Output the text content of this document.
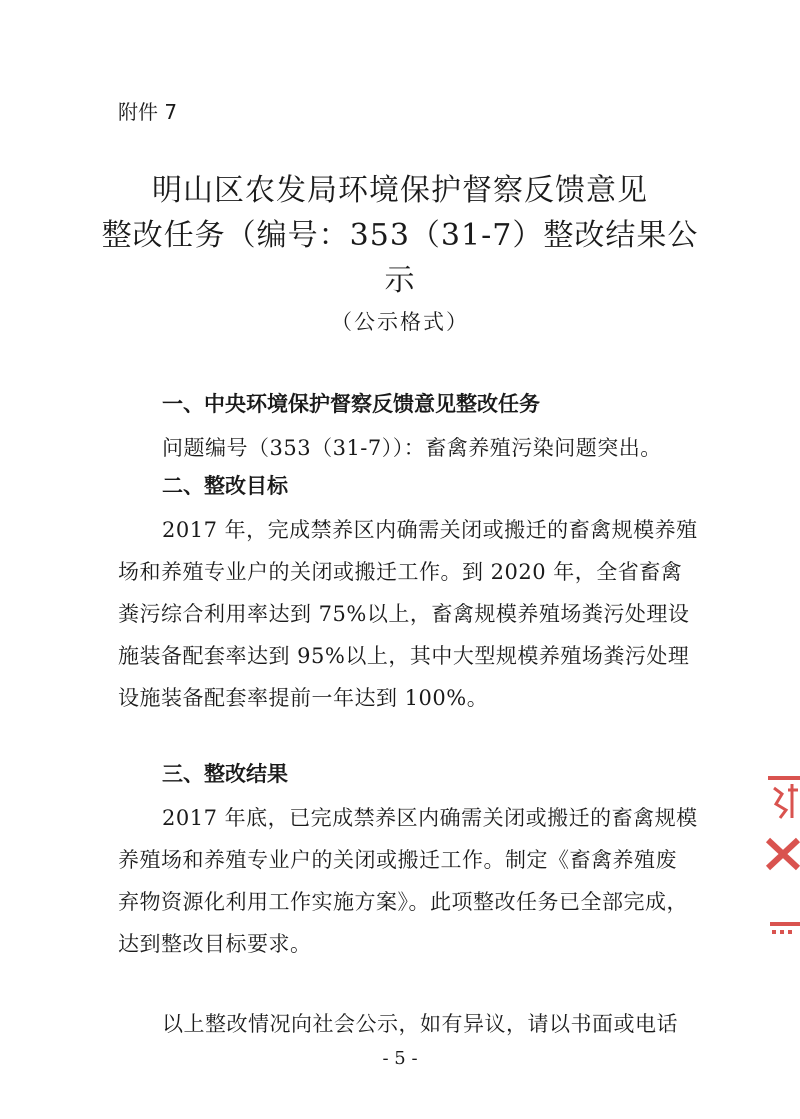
附件 7
明山区农发局环境保护督察反馈意见
整改任务（编号：353（31-7）整改结果公
示
（公示格式）
一、中央环境保护督察反馈意见整改任务
问题编号（353（31-7））：畜禽养殖污染问题突出。
二、整改目标
2017 年，完成禁养区内确需关闭或搬迁的畜禽规模养殖
场和养殖专业户的关闭或搬迁工作。到 2020 年，全省畜禽
粪污综合利用率达到 75%以上，畜禽规模养殖场粪污处理设
施装备配套率达到 95%以上，其中大型规模养殖场粪污处理
设施装备配套率提前一年达到 100%。
三、整改结果
2017 年底，已完成禁养区内确需关闭或搬迁的畜禽规模
养殖场和养殖专业户的关闭或搬迁工作。制定《畜禽养殖废
弃物资源化利用工作实施方案》。此项整改任务已全部完成，
达到整改目标要求。
以上整改情况向社会公示，如有异议，请以书面或电话
- 5 -
